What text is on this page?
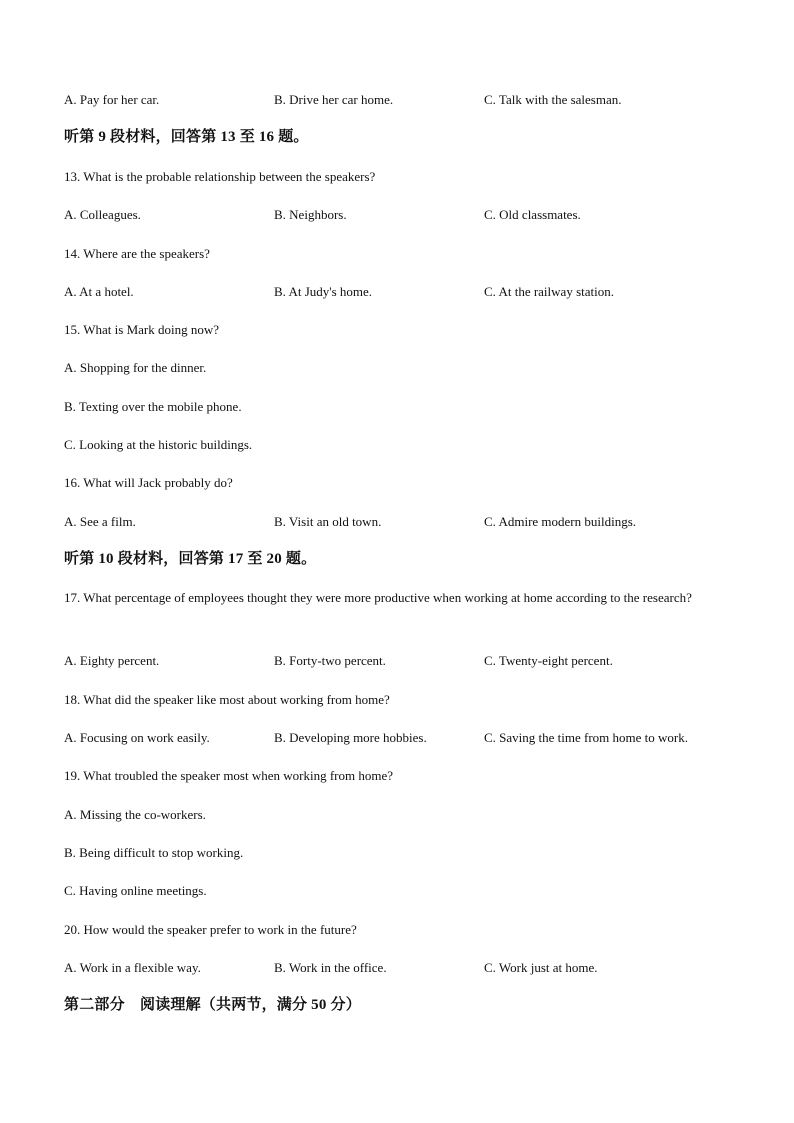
A. Pay for her car.	B. Drive her car home.	C. Talk with the salesman.
听第 9 段材料，回答第 13 至 16 题。
13. What is the probable relationship between the speakers?
A. Colleagues.	B. Neighbors.	C. Old classmates.
14. Where are the speakers?
A. At a hotel.	B. At Judy's home.	C. At the railway station.
15. What is Mark doing now?
A. Shopping for the dinner.
B. Texting over the mobile phone.
C. Looking at the historic buildings.
16. What will Jack probably do?
A. See a film.	B. Visit an old town.	C. Admire modern buildings.
听第 10 段材料，回答第 17 至 20 题。
17. What percentage of employees thought they were more productive when working at home according to the research?
A. Eighty percent.	B. Forty-two percent.	C. Twenty-eight percent.
18. What did the speaker like most about working from home?
A. Focusing on work easily.	B. Developing more hobbies.	C. Saving the time from home to work.
19. What troubled the speaker most when working from home?
A. Missing the co-workers.
B. Being difficult to stop working.
C. Having online meetings.
20. How would the speaker prefer to work in the future?
A. Work in a flexible way.	B. Work in the office.	C. Work just at home.
第二部分　阅读理解（共两节，满分 50 分）
